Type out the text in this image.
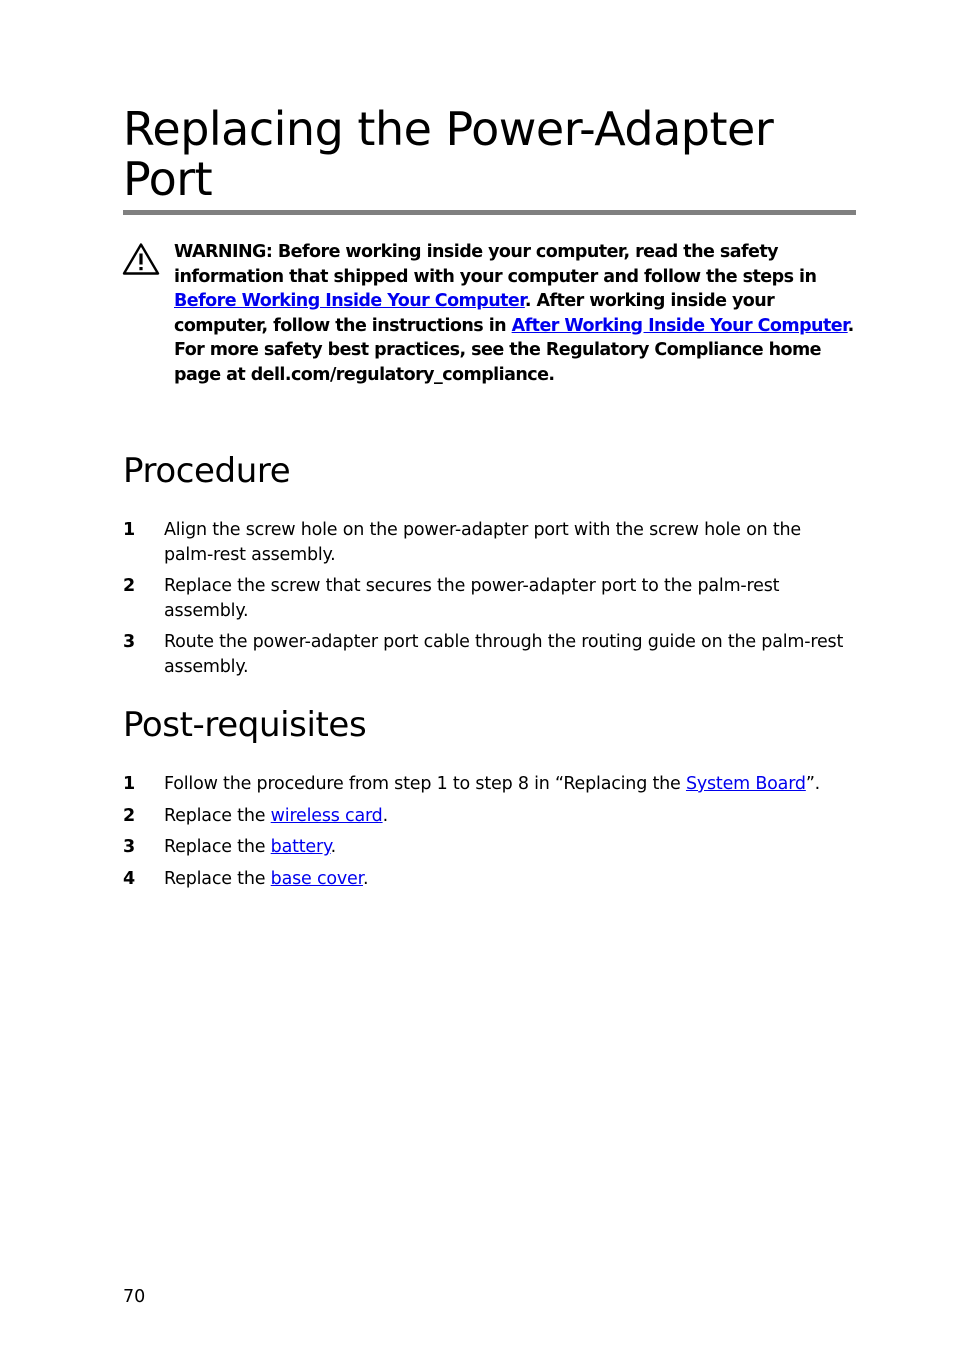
Replacing the Power-Adapter Port

WARNING: Before working inside your computer, read the safety information that shipped with your computer and follow the steps in Before Working Inside Your Computer. After working inside your computer, follow the instructions in After Working Inside Your Computer. For more safety best practices, see the Regulatory Compliance home page at dell.com/regulatory_compliance.

Procedure
1 Align the screw hole on the power-adapter port with the screw hole on the palm-rest assembly.
2 Replace the screw that secures the power-adapter port to the palm-rest assembly.
3 Route the power-adapter port cable through the routing guide on the palm-rest assembly.
Post-requisites
1 Follow the procedure from step 1 to step 8 in “Replacing the System Board”.
2 Replace the wireless card.
3 Replace the battery.
4 Replace the base cover.
70
